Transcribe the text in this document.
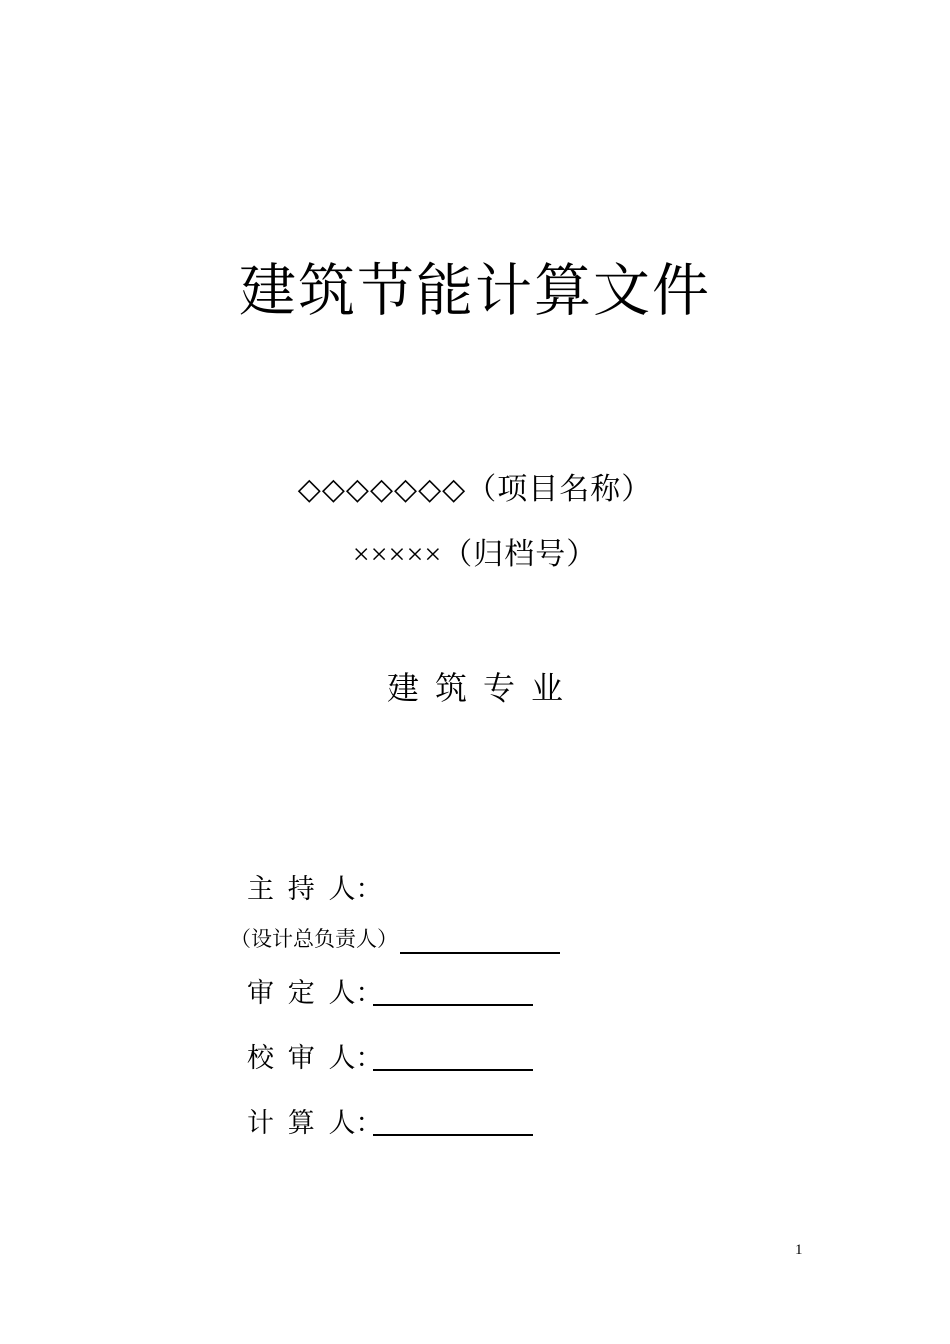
建筑节能计算文件
◇◇◇◇◇◇◇（项目名称）
×××××（归档号）
建 筑 专 业
主 持 人：
（设计总负责人）
审 定 人：
校 审 人：
计 算 人：
1
